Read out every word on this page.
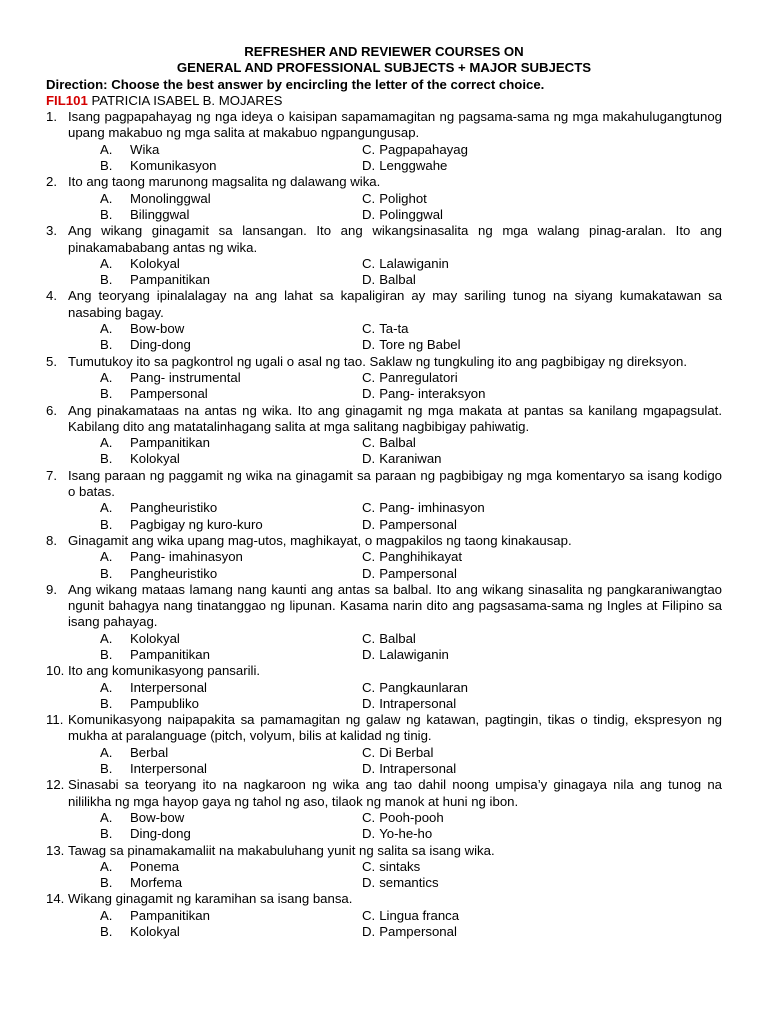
REFRESHER AND REVIEWER COURSES ON
GENERAL AND PROFESSIONAL SUBJECTS + MAJOR SUBJECTS
Direction: Choose the best answer by encircling the letter of the correct choice.
FIL101 PATRICIA ISABEL B. MOJARES
1. Isang pagpapahayag ng nga ideya o kaisipan sapamamagitan ng pagsama-sama ng mga makahulugangtunog upang makabuo ng mga salita at makabuo ngpangungusap.
A.	Wika	C. Pagpapahayag
B.	Komunikasyon	D. Lenggwahe
2. Ito ang taong marunong magsalita ng dalawang wika.
A.	Monolinggwal	C. Polighot
B.	Bilinggwal	D. Polinggwal
3. Ang wikang ginagamit sa lansangan. Ito ang wikangsinasalita ng mga walang pinag-aralan. Ito ang pinakamababang antas ng wika.
A.	Kolokyal	C. Lalawiganin
B.	Pampanitikan	D. Balbal
4. Ang teoryang ipinalalagay na ang lahat sa kapaligiran ay may sariling tunog na siyang kumakatawan sa nasabing bagay.
A.	Bow-bow	C. Ta-ta
B.	Ding-dong	D. Tore ng Babel
5. Tumutukoy ito sa pagkontrol ng ugali o asal ng tao. Saklaw ng tungkuling ito ang pagbibigay ng direksyon.
A.	Pang- instrumental	C. Panregulatori
B.	Pampersonal	D. Pang- interaksyon
6. Ang pinakamataas na antas ng wika. Ito ang ginagamit ng mga makata at pantas sa kanilang mgapagsulat. Kabilang dito ang matatalinhagang salita at mga salitang nagbibigay pahiwatig.
A.	Pampanitikan	C. Balbal
B.	Kolokyal	D. Karaniwan
7. Isang paraan ng paggamit ng wika na ginagamit sa paraan ng pagbibigay ng mga komentaryo sa isang kodigo o batas.
A.	Pangheuristiko	C. Pang- imhinasyon
B.	Pagbigay ng kuro-kuro	D. Pampersonal
8. Ginagamit ang wika upang mag-utos, maghikayat, o magpakilos ng taong kinakausap.
A.	Pang- imahinasyon	C. Panghihikayat
B.	Pangheuristiko	D. Pampersonal
9. Ang wikang mataas lamang nang kaunti ang antas sa balbal. Ito ang wikang sinasalita ng pangkaraniwangtao ngunit bahagya nang tinatanggao ng lipunan. Kasama narin dito ang pagsasama-sama ng Ingles at Filipino sa isang pahayag.
A.	Kolokyal	C. Balbal
B.	Pampanitikan	D. Lalawiganin
10. Ito ang komunikasyong pansarili.
A.	Interpersonal	C. Pangkaunlaran
B.	Pampubliko	D. Intrapersonal
11. Komunikasyong naipapakita sa pamamagitan ng galaw ng katawan, pagtingin, tikas o tindig, ekspresyon ng mukha at paralanguage (pitch, volyum, bilis at kalidad ng tinig.
A.	Berbal	C. Di Berbal
B.	Interpersonal	D. Intrapersonal
12. Sinasabi sa teoryang ito na nagkaroon ng wika ang tao dahil noong umpisa’y ginagaya nila ang tunog na nililikha ng mga hayop gaya ng tahol ng aso, tilaok ng manok at huni ng ibon.
A.	Bow-bow	C. Pooh-pooh
B.	Ding-dong	D. Yo-he-ho
13. Tawag sa pinamakamaliit na makabuluhang yunit ng salita sa isang wika.
A.	Ponema	C. sintaks
B.	Morfema	D. semantics
14. Wikang ginagamit ng karamihan sa isang bansa.
A.	Pampanitikan	C. Lingua franca
B.	Kolokyal	D. Pampersonal
